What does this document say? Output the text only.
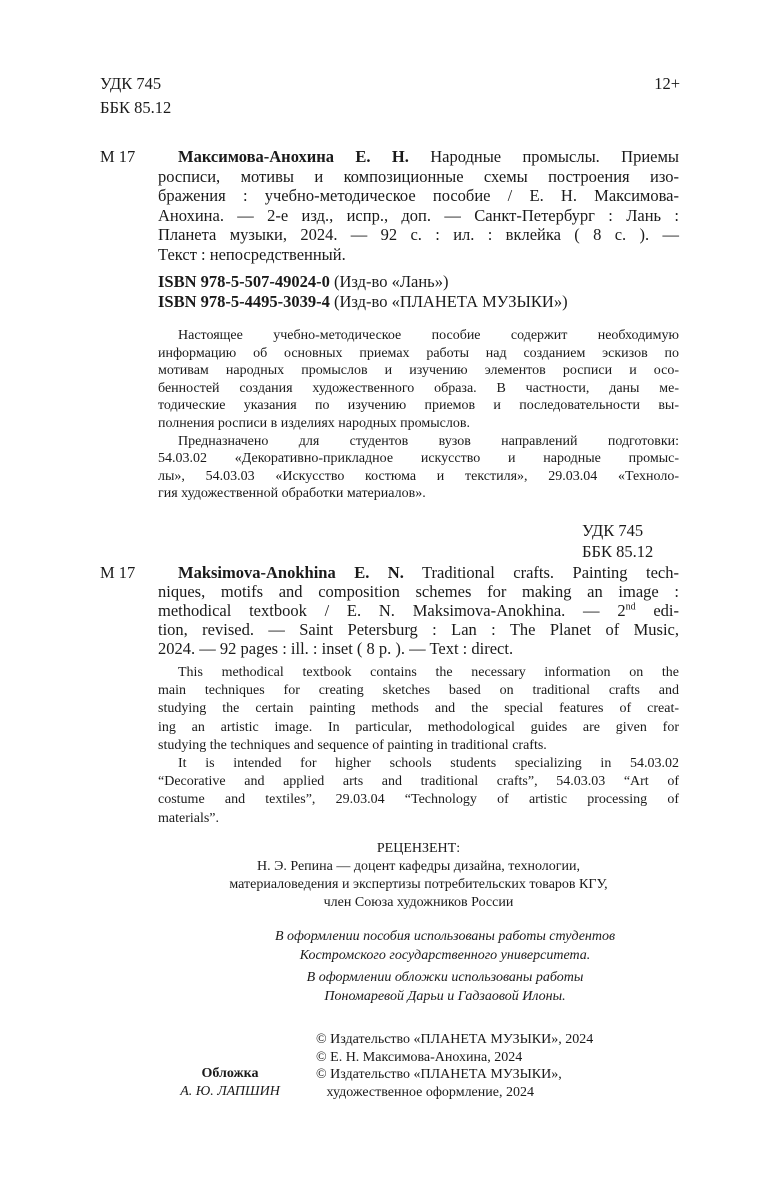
УДК 745
ББК 85.12
12+
М 17	Максимова-Анохина Е. Н. Народные промыслы. Приемы
росписи, мотивы и композиционные схемы построения изо-
бражения : учебно-методическое пособие / Е. Н. Максимова-
Анохина. — 2-е изд., испр., доп. — Санкт-Петербург : Лань :
Планета музыки, 2024. — 92 с. : ил. : вклейка ( 8 с. ). —
Текст : непосредственный.
ISBN 978-5-507-49024-0 (Изд-во «Лань»)
ISBN 978-5-4495-3039-4 (Изд-во «ПЛАНЕТА МУЗЫКИ»)
Настоящее учебно-методическое пособие содержит необходимую
информацию об основных приемах работы над созданием эскизов по
мотивам народных промыслов и изучению элементов росписи и осо-
бенностей создания художественного образа. В частности, даны ме-
тодические указания по изучению приемов и последовательности вы-
полнения росписи в изделиях народных промыслов.
Предназначено для студентов вузов направлений подготовки:
54.03.02 «Декоративно-прикладное искусство и народные промыс-
лы», 54.03.03 «Искусство костюма и текстиля», 29.03.04 «Техноло-
гия художественной обработки материалов».
УДК 745
ББК 85.12
M 17	Maksimova-Anokhina E. N. Traditional crafts. Painting tech-
niques, motifs and composition schemes for making an image :
methodical textbook / E. N. Maksimova-Anokhina. — 2nd edi-
tion, revised. — Saint Petersburg : Lan : The Planet of Music,
2024. — 92 pages : ill. : inset ( 8 p. ). — Text : direct.
This methodical textbook contains the necessary information on the
main techniques for creating sketches based on traditional crafts and
studying the certain painting methods and the special features of creat-
ing an artistic image. In particular, methodological guides are given for
studying the techniques and sequence of painting in traditional crafts.
It is intended for higher schools students specializing in 54.03.02
“Decorative and applied arts and traditional crafts”, 54.03.03 “Art of
costume and textiles”, 29.03.04 “Technology of artistic processing of
materials”.
РЕЦЕНЗЕНТ:
Н. Э. Репина — доцент кафедры дизайна, технологии,
материаловедения и экспертизы потребительских товаров КГУ,
член Союза художников России
В оформлении пособия использованы работы студентов
Костромского государственного университета.
В оформлении обложки использованы работы
Пономаревой Дарьи и Гадзаовой Илоны.
Обложка
А. Ю. ЛАПШИН
© Издательство «ПЛАНЕТА МУЗЫКИ», 2024
© Е. Н. Максимова-Анохина, 2024
© Издательство «ПЛАНЕТА МУЗЫКИ»,
художественное оформление, 2024
